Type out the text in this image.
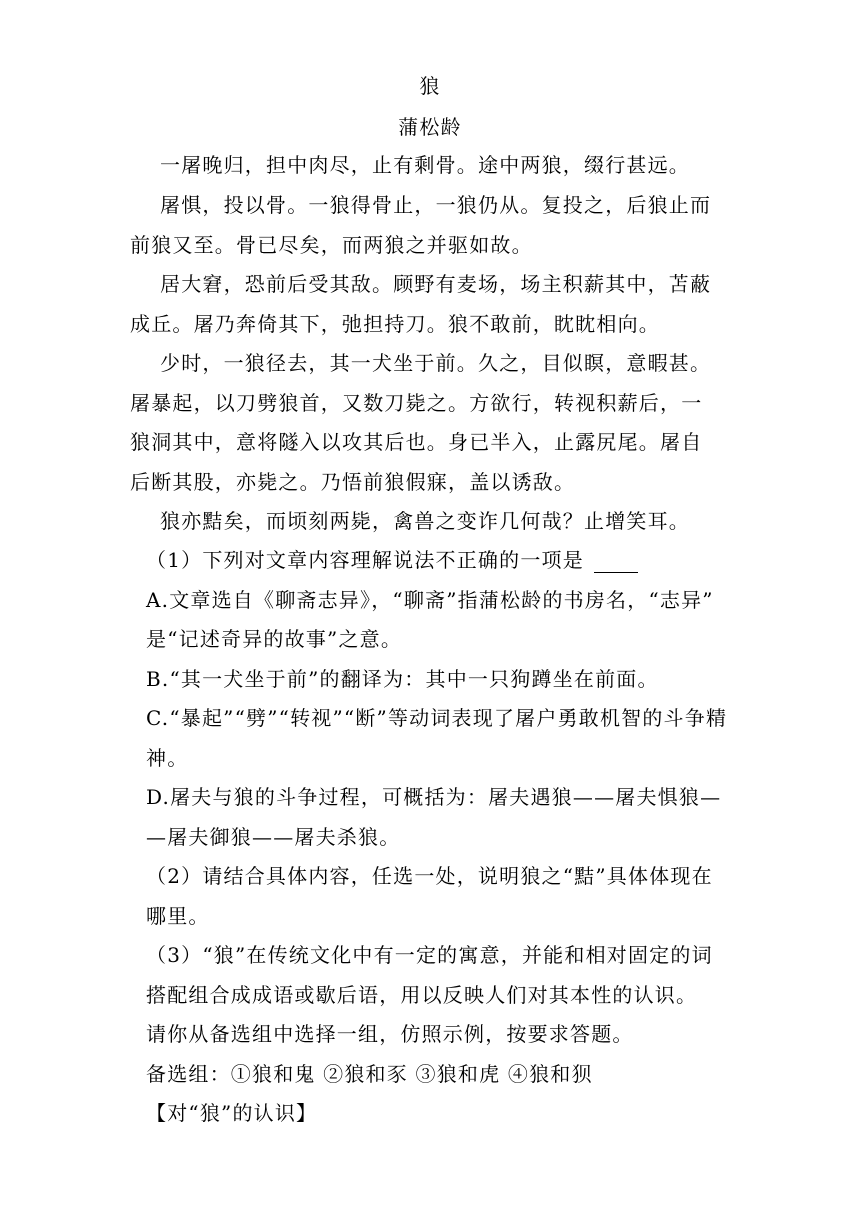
狼
蒲松龄
一屠晚归，担中肉尽，止有剩骨。途中两狼，缀行甚远。
屠惧，投以骨。一狼得骨止，一狼仍从。复投之，后狼止而
前狼又至。骨已尽矣，而两狼之并驱如故。
居大窘，恐前后受其敌。顾野有麦场，场主积薪其中，苫蔽
成丘。屠乃奔倚其下，弛担持刀。狼不敢前，眈眈相向。
少时，一狼径去，其一犬坐于前。久之，目似瞑，意暇甚。
屠暴起，以刀劈狼首，又数刀毙之。方欲行，转视积薪后，一
狼洞其中，意将隧入以攻其后也。身已半入，止露尻尾。屠自
后断其股，亦毙之。乃悟前狼假寐，盖以诱敌。
狼亦黠矣，而顷刻两毙，禽兽之变诈几何哉？止增笑耳。
（1）下列对文章内容理解说法不正确的一项是
A.文章选自《聊斋志异》，“聊斋”指蒲松龄的书房名，“志异”
是“记述奇异的故事”之意。
B.“其一犬坐于前”的翻译为：其中一只狗蹲坐在前面。
C.“暴起”“劈”“转视”“断”等动词表现了屠户勇敢机智的斗争精
神。
D.屠夫与狼的斗争过程，可概括为：屠夫遇狼——屠夫惧狼—
—屠夫御狼——屠夫杀狼。
（2）请结合具体内容，任选一处，说明狼之“黠”具体体现在
哪里。
（3）“狼”在传统文化中有一定的寓意，并能和相对固定的词
搭配组合成成语或歇后语，用以反映人们对其本性的认识。
请你从备选组中选择一组，仿照示例，按要求答题。
备选组：①狼和鬼 ②狼和豕 ③狼和虎 ④狼和狈
【对“狼”的认识】
